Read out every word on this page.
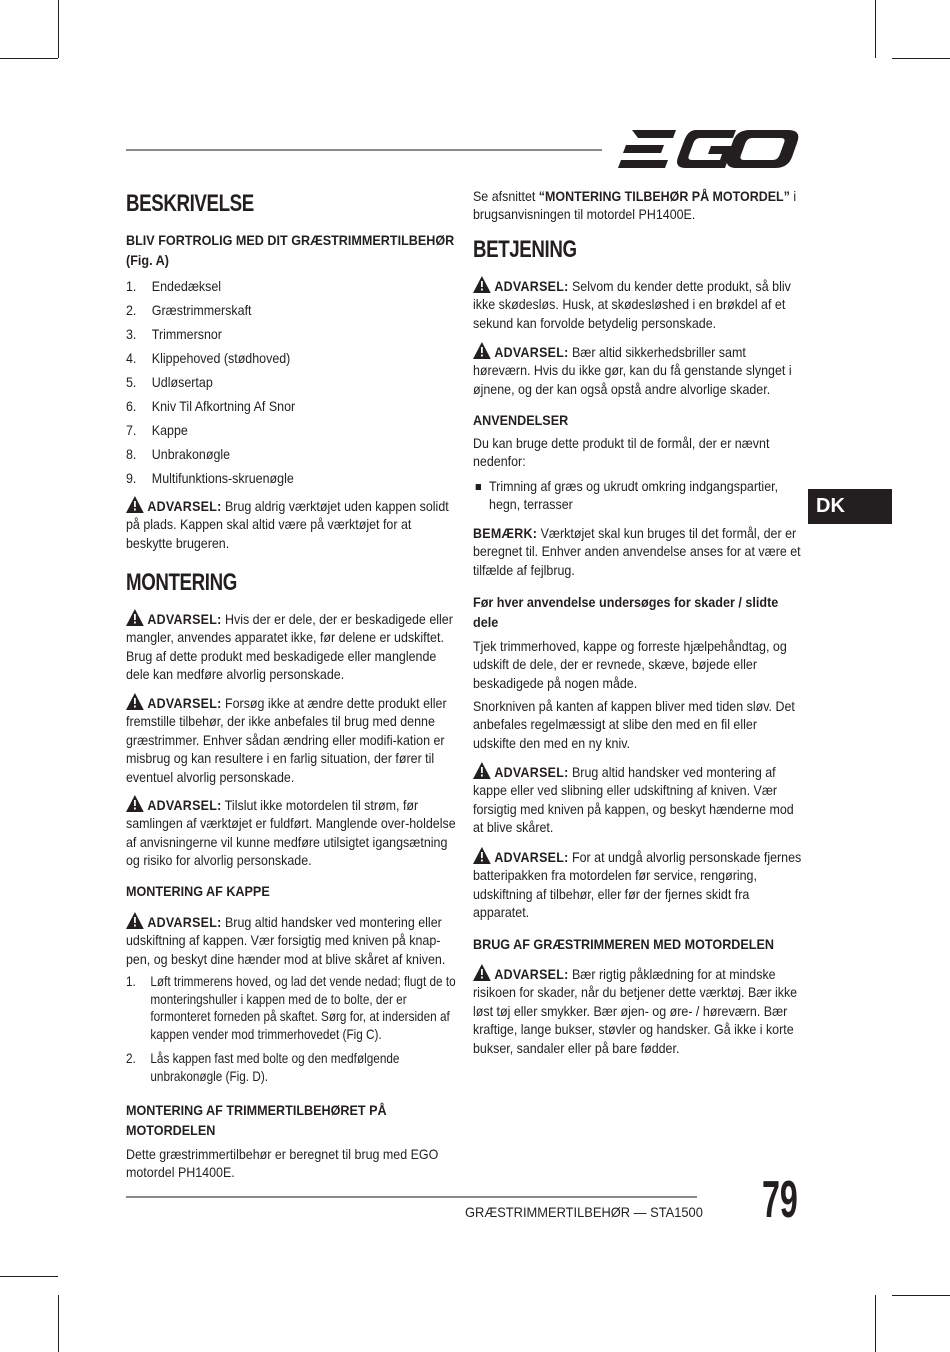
BESKRIVELSE
BLIV FORTROLIG MED DIT GRÆSTRIMMERTILBEHØR (Fig. A)
1. Endedæksel
2. Græstrimmerskaft
3. Trimmersnor
4. Klippehoved (stødhoved)
5. Udløsertap
6. Kniv Til Afkortning Af Snor
7. Kappe
8. Unbrakonøgle
9. Multifunktions-skruenøgle
ADVARSEL: Brug aldrig værktøjet uden kappen solidt på plads. Kappen skal altid være på værktøjet for at beskytte brugeren.
MONTERING
ADVARSEL: Hvis der er dele, der er beskadigede eller mangler, anvendes apparatet ikke, før delene er udskiftet. Brug af dette produkt med beskadigede eller manglende dele kan medføre alvorlig personskade.
ADVARSEL: Forsøg ikke at ændre dette produkt eller fremstille tilbehør, der ikke anbefales til brug med denne græstrimmer. Enhver sådan ændring eller modifi-kation er misbrug og kan resultere i en farlig situation, der fører til eventuel alvorlig personskade.
ADVARSEL: Tilslut ikke motordelen til strøm, før samlingen af værktøjet er fuldført. Manglende over-holdelse af anvisningerne vil kunne medføre utilsigtet igangsætning og risiko for alvorlig personskade.
MONTERING AF KAPPE
ADVARSEL: Brug altid handsker ved montering eller udskiftning af kappen. Vær forsigtig med kniven på knap-pen, og beskyt dine hænder mod at blive skåret af kniven.
1. Løft trimmerens hoved, og lad det vende nedad; flugt de to monteringshuller i kappen med de to bolte, der er formonteret forneden på skaftet. Sørg for, at indersiden af kappen vender mod trimmerhovedet (Fig C).
2. Lås kappen fast med bolte og den medfølgende unbrakonøgle (Fig. D).
MONTERING AF TRIMMERTILBEHØRET PÅ MOTORDELEN
Dette græstrimmertilbehør er beregnet til brug med EGO motordel PH1400E.
Se afsnittet “MONTERING TILBEHØR PÅ MOTORDEL” i brugsanvisningen til motordel PH1400E.
BETJENING
ADVARSEL: Selvom du kender dette produkt, så bliv ikke skødesløs. Husk, at skødesløshed i en brøkdel af et sekund kan forvolde betydelig personskade.
ADVARSEL: Bær altid sikkerhedsbriller samt høreværn. Hvis du ikke gør, kan du få genstande slynget i øjnene, og der kan også opstå andre alvorlige skader.
ANVENDELSER
Du kan bruge dette produkt til de formål, der er nævnt nedenfor:
Trimning af græs og ukrudt omkring indgangspartier, hegn, terrasser
BEMÆRK: Værktøjet skal kun bruges til det formål, der er beregnet til. Enhver anden anvendelse anses for at være et tilfælde af fejlbrug.
Før hver anvendelse undersøges for skader / slidte dele
Tjek trimmerhoved, kappe og forreste hjælpehåndtag, og udskift de dele, der er revnede, skæve, bøjede eller beskadigede på nogen måde.
Snorkniven på kanten af kappen bliver med tiden sløv. Det anbefales regelmæssigt at slibe den med en fil eller udskifte den med en ny kniv.
ADVARSEL: Brug altid handsker ved montering af kappe eller ved slibning eller udskiftning af kniven. Vær forsigtig med kniven på kappen, og beskyt hænderne mod at blive skåret.
ADVARSEL: For at undgå alvorlig personskade fjernes batteripakken fra motordelen før service, rengøring, udskiftning af tilbehør, eller før der fjernes skidt fra apparatet.
BRUG AF GRÆSTRIMMEREN MED MOTORDELEN
ADVARSEL: Bær rigtig påklædning for at mindske risikoen for skader, når du betjener dette værktøj. Bær ikke løst tøj eller smykker. Bær øjen- og øre- / høreværn. Bær kraftige, lange bukser, støvler og handsker. Gå ikke i korte bukser, sandaler eller på bare fødder.
DK
GRÆSTRIMMERTILBEHØR — STA1500 79
